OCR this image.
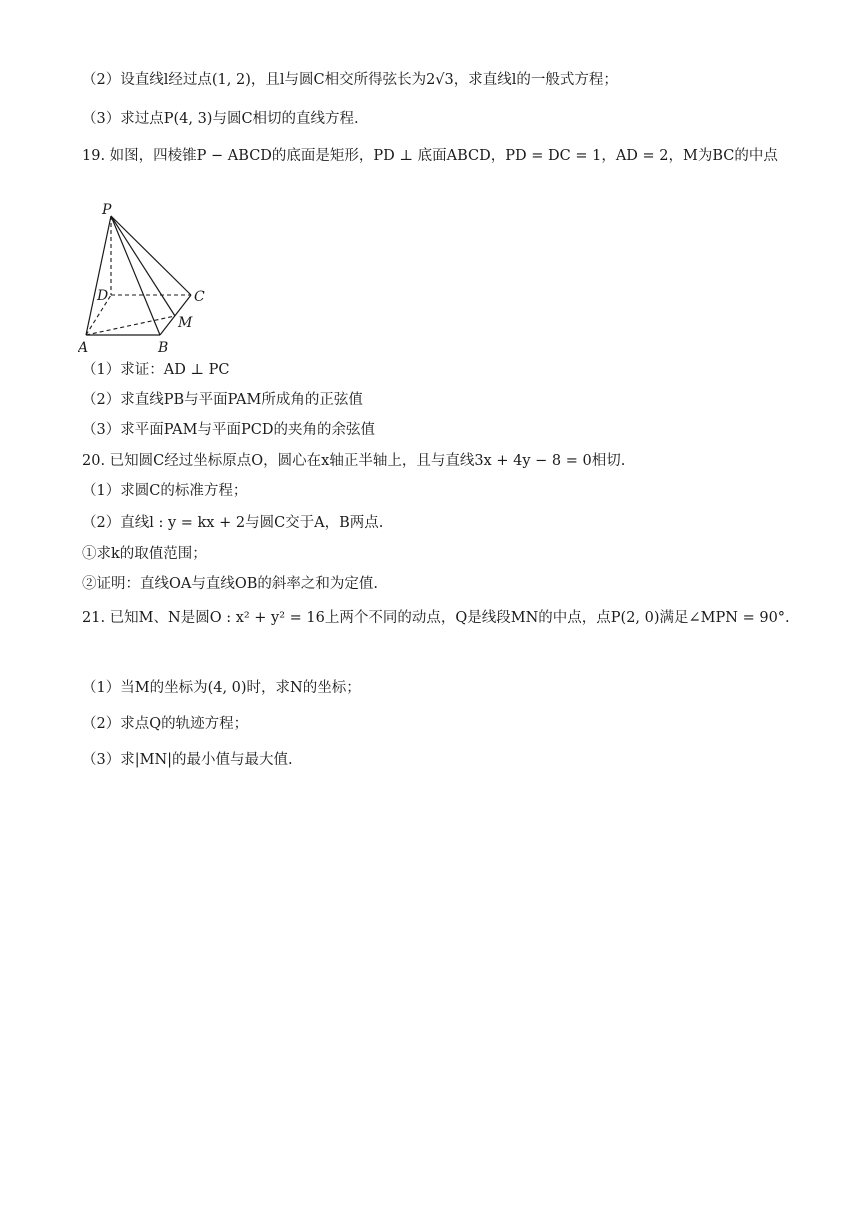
（2）设直线l经过点(1, 2)，且l与圆C相交所得弦长为2√3，求直线l的一般式方程；
（3）求过点P(4, 3)与圆C相切的直线方程.
19. 如图，四棱锥P − ABCD的底面是矩形，PD ⊥ 底面ABCD，PD = DC = 1，AD = 2，M为BC的中点
P
D	C
M
A	B
（1）求证：AD ⊥ PC
（2）求直线PB与平面PAM所成角的正弦值
（3）求平面PAM与平面PCD的夹角的余弦值
20. 已知圆C经过坐标原点O，圆心在x轴正半轴上，且与直线3x + 4y − 8 = 0相切.
（1）求圆C的标准方程；
（2）直线l : y = kx + 2与圆C交于A，B两点.
①求k的取值范围；
②证明：直线OA与直线OB的斜率之和为定值.
21. 已知M、N是圆O : x² + y² = 16上两个不同的动点，Q是线段MN的中点，点P(2, 0)满足∠MPN = 90°.
（1）当M的坐标为(4, 0)时，求N的坐标；
（2）求点Q的轨迹方程；
（3）求|MN|的最小值与最大值.
